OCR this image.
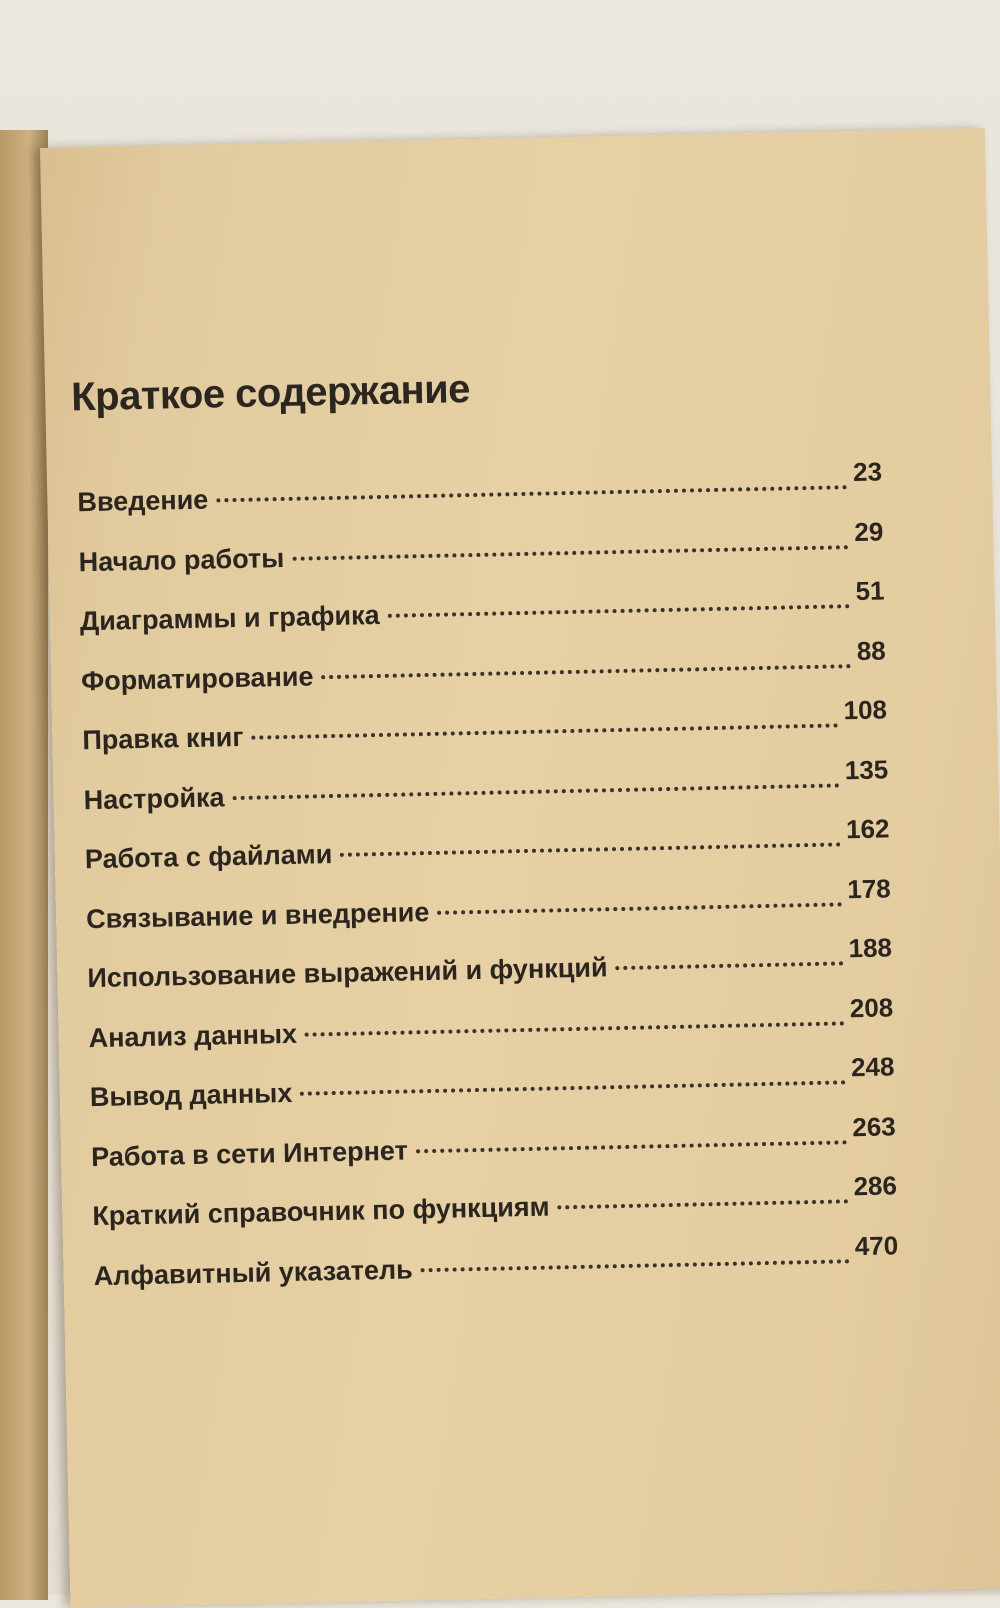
Краткое содержание
Введение
23
Начало работы
29
Диаграммы и графика
51
Форматирование
88
Правка книг
108
Настройка
135
Работа с файлами
162
Связывание и внедрение
178
Использование выражений и функций
188
Анализ данных
208
Вывод данных
248
Работа в сети Интернет
263
Краткий справочник по функциям
286
Алфавитный указатель
470
